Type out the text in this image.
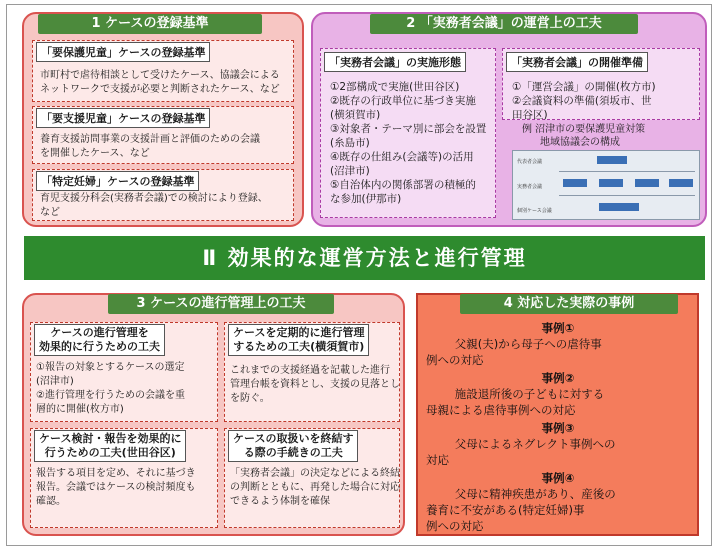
1 ケースの登録基準
「要保護児童」ケースの登録基準
市町村で虐待相談として受けたケース、協議会による
ネットワークで支援が必要と判断されたケース、など
「要支援児童」ケースの登録基準
養育支援訪問事業の支援計画と評価のための会議
を開催したケース、など
「特定妊婦」ケースの登録基準
育児支援分科会(実務者会議)での検討により登録、
など
2 「実務者会議」の運営上の工夫
「実務者会議」の実施形態
①2部構成で実施(世田谷区)
②既存の行政単位に基づき実施
(横須賀市)
③対象者・テーマ別に部会を設置
(糸島市)
④既存の仕組み(会議等)の活用
(沼津市)
⑤自治体内の関係部署の積極的
な参加(伊那市)
「実務者会議」の開催準備
①「運営会議」の開催(枚方市)
②会議資料の準備(須坂市、世
田谷区)
例 沼津市の要保護児童対策
地域協議会の構成
代表者会議
実務者会議
個別ケース会議
Ⅱ 効果的な運営方法と進行管理
3 ケースの進行管理上の工夫
ケースの進行管理を
効果的に行うための工夫
①報告の対象とするケースの選定
(沼津市)
②進行管理を行うための会議を重
層的に開催(枚方市)
ケースを定期的に進行管理
するための工夫(横須賀市)
これまでの支援経過を記載した進行
管理台帳を資料とし、支援の見落とし
を防ぐ。
ケース検討・報告を効果的に
行うための工夫(世田谷区)
報告する項目を定め、それに基づき
報告。会議ではケースの検討頻度も
確認。
ケースの取扱いを終結す
る際の手続きの工夫
「実務者会議」の決定などによる終結
の判断とともに、再発した場合に対応
できるよう体制を確保
4 対応した実際の事例
事例①
父親(夫)から母子への虐待事
例への対応
事例②
施設退所後の子どもに対する
母親による虐待事例への対応
事例③
父母によるネグレクト事例への
対応
事例④
父母に精神疾患があり、産後の
養育に不安がある(特定妊婦)事
例への対応
